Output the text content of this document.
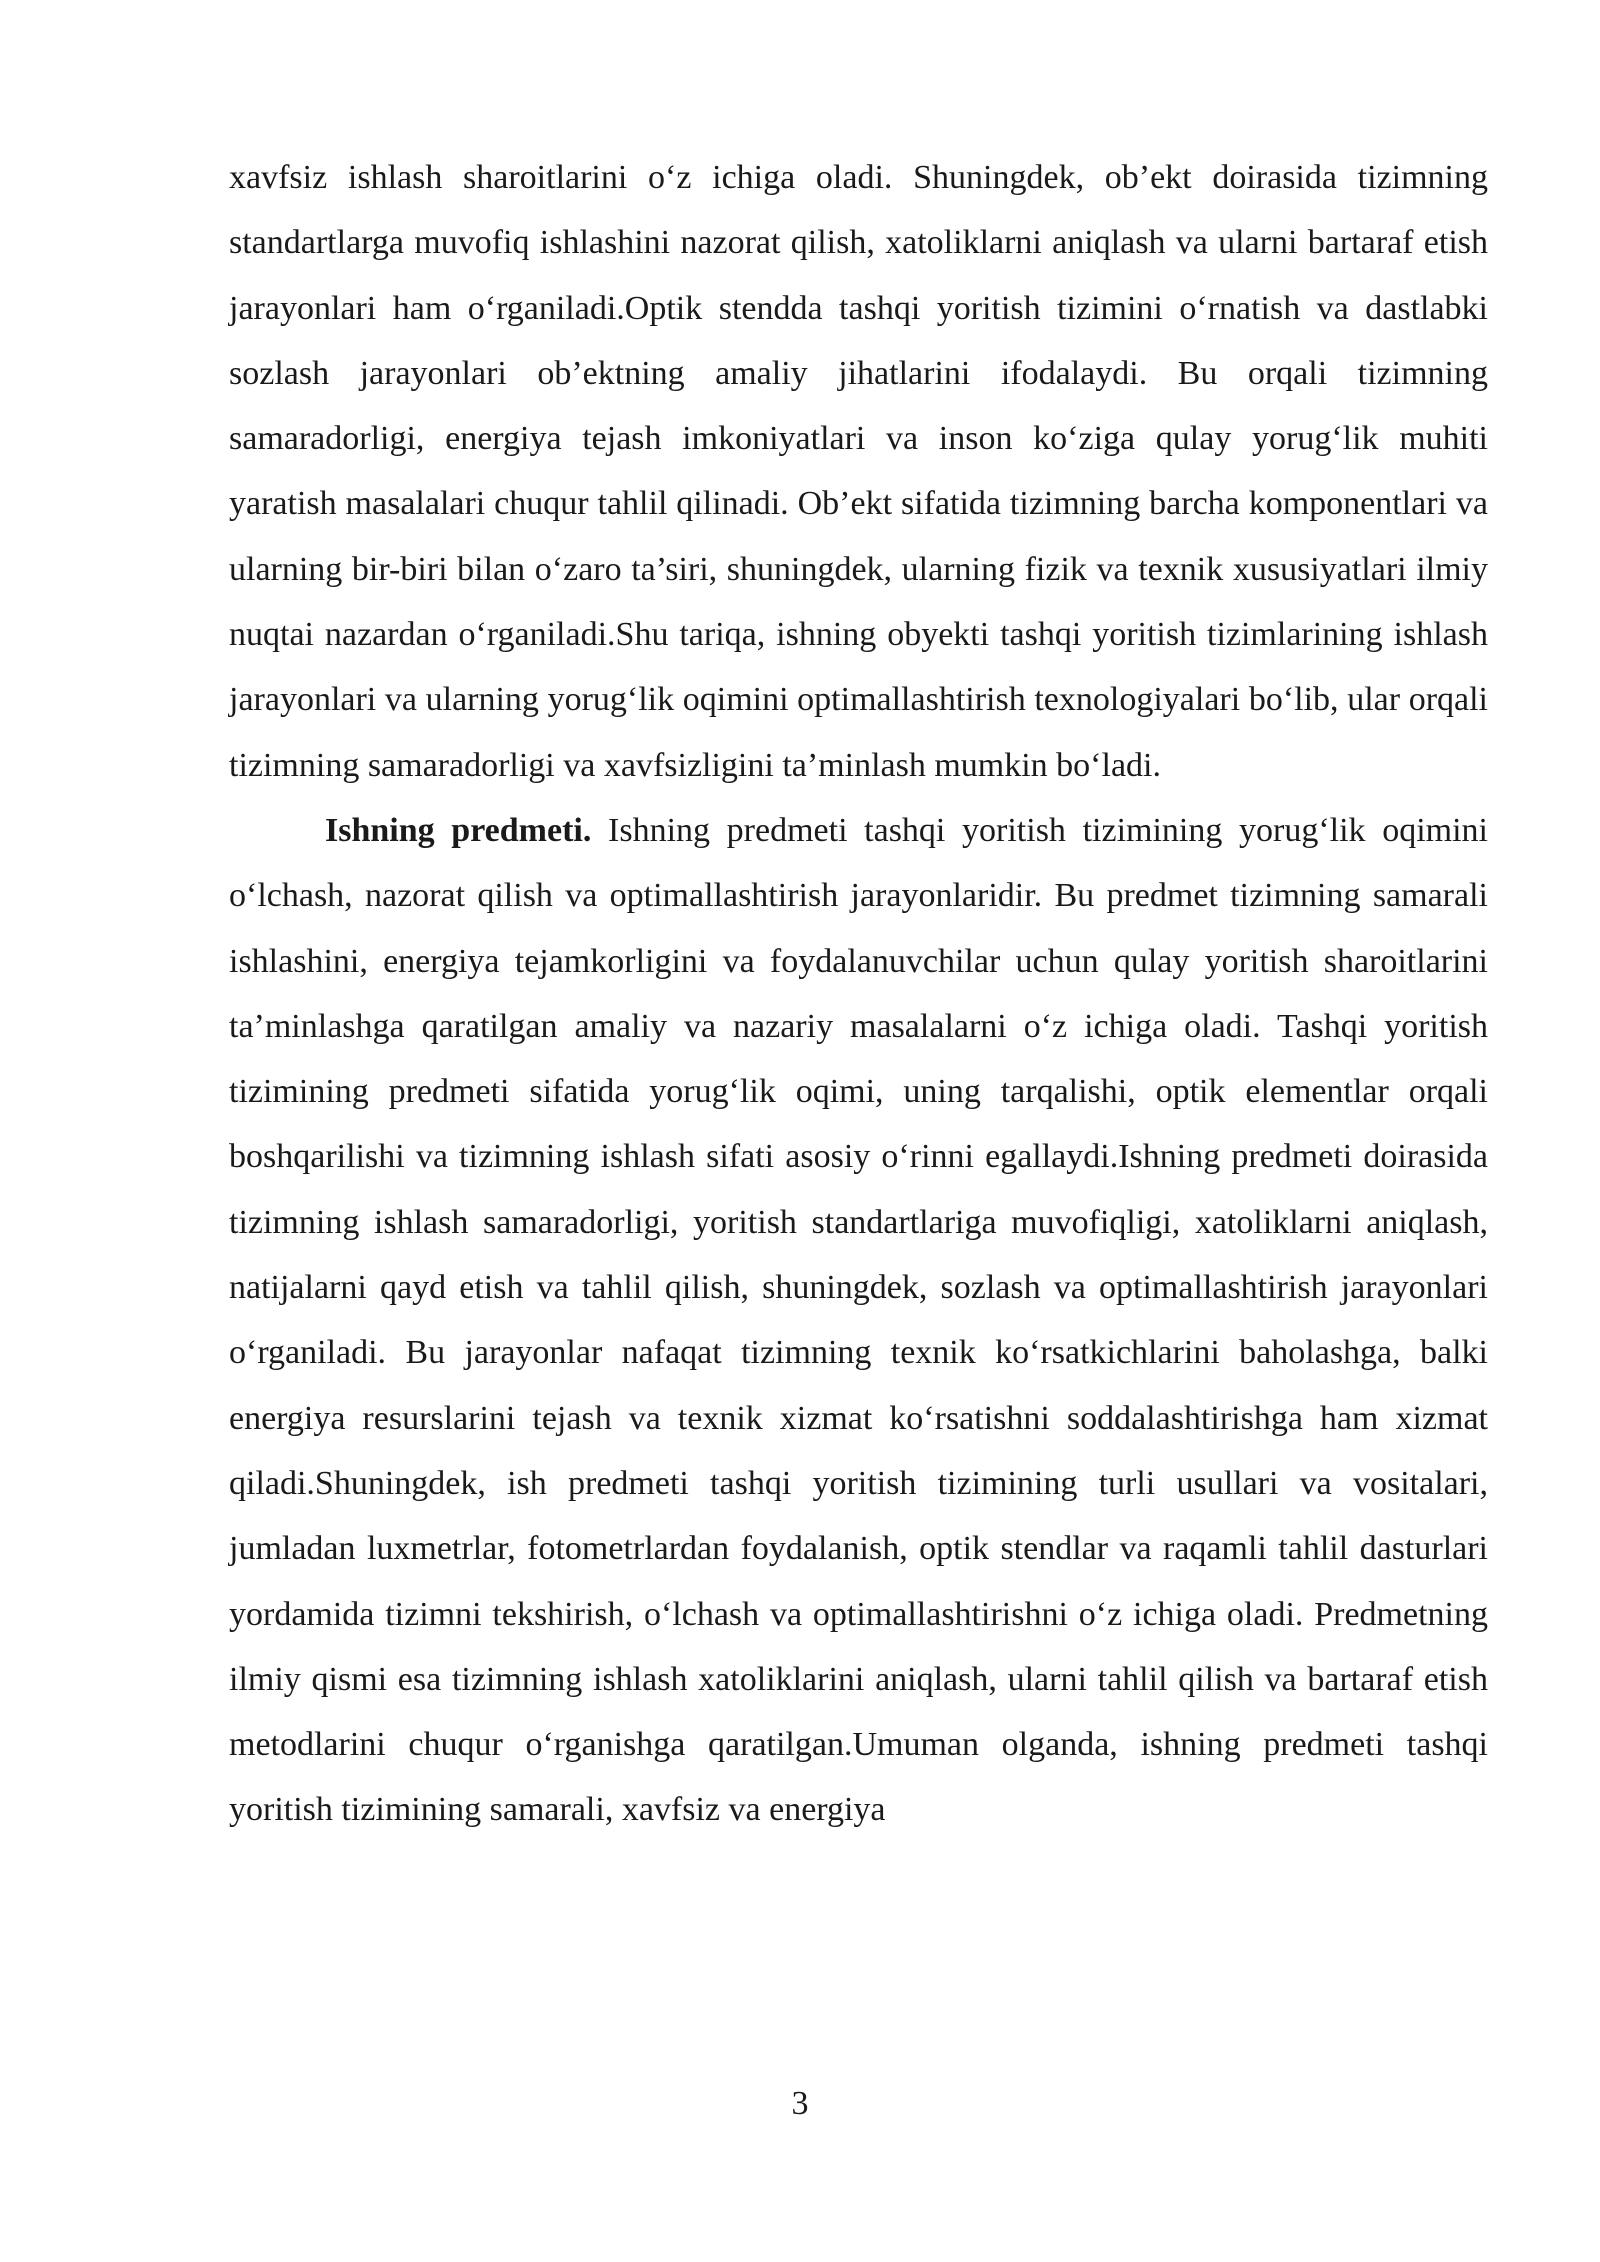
xavfsiz ishlash sharoitlarini o‘z ichiga oladi. Shuningdek, ob’ekt doirasida tizimning standartlarga muvofiq ishlashini nazorat qilish, xatoliklarni aniqlash va ularni bartaraf etish jarayonlari ham o‘rganiladi.Optik stendda tashqi yoritish tizimini o‘rnatish va dastlabki sozlash jarayonlari ob’ektning amaliy jihatlarini ifodalaydi. Bu orqali tizimning samaradorligi, energiya tejash imkoniyatlari va inson ko‘ziga qulay yorug‘lik muhiti yaratish masalalari chuqur tahlil qilinadi. Ob’ekt sifatida tizimning barcha komponentlari va ularning bir-biri bilan o‘zaro ta’siri, shuningdek, ularning fizik va texnik xususiyatlari ilmiy nuqtai nazardan o‘rganiladi.Shu tariqa, ishning obyekti tashqi yoritish tizimlarining ishlash jarayonlari va ularning yorug‘lik oqimini optimallashtirish texnologiyalari bo‘lib, ular orqali tizimning samaradorligi va xavfsizligini ta’minlash mumkin bo‘ladi.

Ishning predmeti. Ishning predmeti tashqi yoritish tizimining yorug‘lik oqimini o‘lchash, nazorat qilish va optimallashtirish jarayonlaridir. Bu predmet tizimning samarali ishlashini, energiya tejamkorligini va foydalanuvchilar uchun qulay yoritish sharoitlarini ta’minlashga qaratilgan amaliy va nazariy masalalarni o‘z ichiga oladi. Tashqi yoritish tizimining predmeti sifatida yorug‘lik oqimi, uning tarqalishi, optik elementlar orqali boshqarilishi va tizimning ishlash sifati asosiy o‘rinni egallaydi.Ishning predmeti doirasida tizimning ishlash samaradorligi, yoritish standartlariga muvofiqligi, xatoliklarni aniqlash, natijalarni qayd etish va tahlil qilish, shuningdek, sozlash va optimallashtirish jarayonlari o‘rganiladi. Bu jarayonlar nafaqat tizimning texnik ko‘rsatkichlarini baholashga, balki energiya resurslarini tejash va texnik xizmat ko‘rsatishni soddalashtirishga ham xizmat qiladi.Shuningdek, ish predmeti tashqi yoritish tizimining turli usullari va vositalari, jumladan luxmetrlar, fotometrlardan foydalanish, optik stendlar va raqamli tahlil dasturlari yordamida tizimni tekshirish, o‘lchash va optimallashtirishni o‘z ichiga oladi. Predmetning ilmiy qismi esa tizimning ishlash xatoliklarini aniqlash, ularni tahlil qilish va bartaraf etish metodlarini chuqur o‘rganishga qaratilgan.Umuman olganda, ishning predmeti tashqi yoritish tizimining samarali, xavfsiz va energiya

3
